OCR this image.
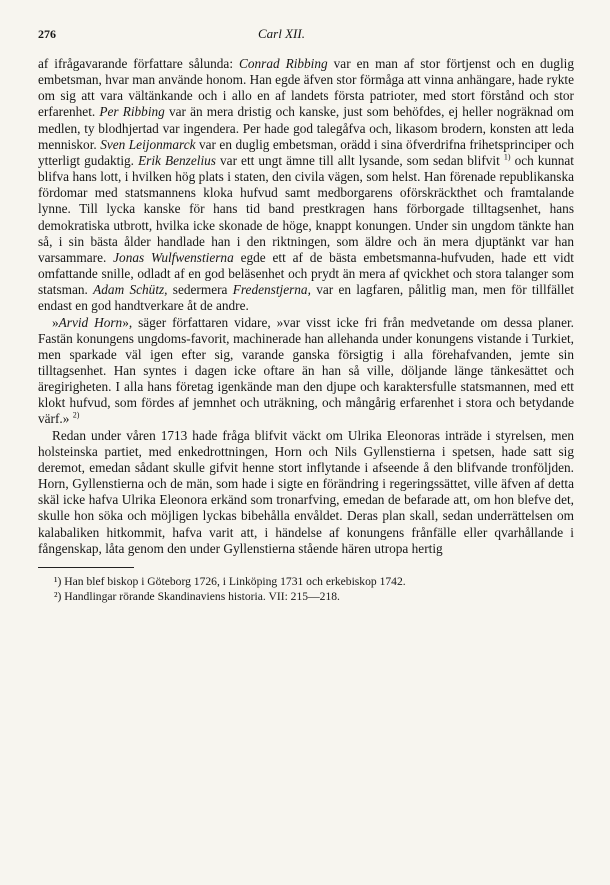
276	Carl XII.

af ifrågavarande författare sålunda: Conrad Ribbing var en man af stor förtjenst och en duglig embetsman, hvar man använde honom. Han egde äfven stor förmåga att vinna anhängare, hade rykte om sig att vara vältänkande och i allo en af landets första patrioter, med stort förstånd och stor erfarenhet. Per Ribbing var än mera dristig och kanske, just som behöfdes, ej heller nogräknad om medlen, ty blodhjertad var ingendera. Per hade god talegåfva och, likasom brodern, konsten att leda menniskor. Sven Leijonmarck var en duglig embetsman, orädd i sina öfverdrifna frihetsprinciper och ytterligt gudaktig. Erik Benzelius var ett ungt ämne till allt lysande, som sedan blifvit $^{1)}$ och kunnat blifva hans lott, i hvilken hög plats i staten, den civila vägen, som helst. Han förenade republikanska fördomar med statsmannens kloka hufvud samt medborgarens oförskräckthet och framtalande lynne. Till lycka kanske för hans tid band prestkragen hans förborgade tilltagsenhet, hans demokratiska utbrott, hvilka icke skonade de höge, knappt konungen. Under sin ungdom tänkte han så, i sin bästa ålder handlade han i den riktningen, som äldre och än mera djuptänkt var han varsammare. Jonas Wulfwenstierna egde ett af de bästa embetsmanna-hufvuden, hade ett vidt omfattande snille, odladt af en god beläsenhet och prydt än mera af qvickhet och stora talanger som statsman. Adam Schütz, sedermera Fredenstjerna, var en lagfaren, pålitlig man, men för tillfället endast en god handtverkare åt de andre.

»Arvid Horn», säger författaren vidare, »var visst icke fri från medvetande om dessa planer. Fastän konungens ungdoms-favorit, machinerade han allehanda under konungens vistande i Turkiet, men sparkade väl igen efter sig, varande ganska försigtig i alla förehafvanden, jemte sin tilltagsenhet. Han syntes i dagen icke oftare än han så ville, döljande länge tänkesättet och äregirigheten. I alla hans företag igenkände man den djupe och karaktersfulle statsmannen, med ett klokt hufvud, som fördes af jemnhet och uträkning, och mångårig erfarenhet i stora och betydande värf.» $^{2)}$

Redan under våren 1713 hade fråga blifvit väckt om Ulrika Eleonoras inträde i styrelsen, men holsteinska partiet, med enkedrottningen, Horn och Nils Gyllenstierna i spetsen, hade satt sig deremot, emedan sådant skulle gifvit henne stort inflytande i afseende å den blifvande tronföljden. Horn, Gyllenstierna och de män, som hade i sigte en förändring i regeringssättet, ville äfven af detta skäl icke hafva Ulrika Eleonora erkänd som tronarfving, emedan de befarade att, om hon blefve det, skulle hon söka och möjligen lyckas bibehålla envåldet. Deras plan skall, sedan underrättelsen om kalabaliken hitkommit, hafva varit att, i händelse af konungens frånfälle eller qvarhållande i fångenskap, låta genom den under Gyllenstierna stående hären utropa hertig

¹) Han blef biskop i Göteborg 1726, i Linköping 1731 och erkebiskop 1742.

²) Handlingar rörande Skandinaviens historia. VII: 215—218.
